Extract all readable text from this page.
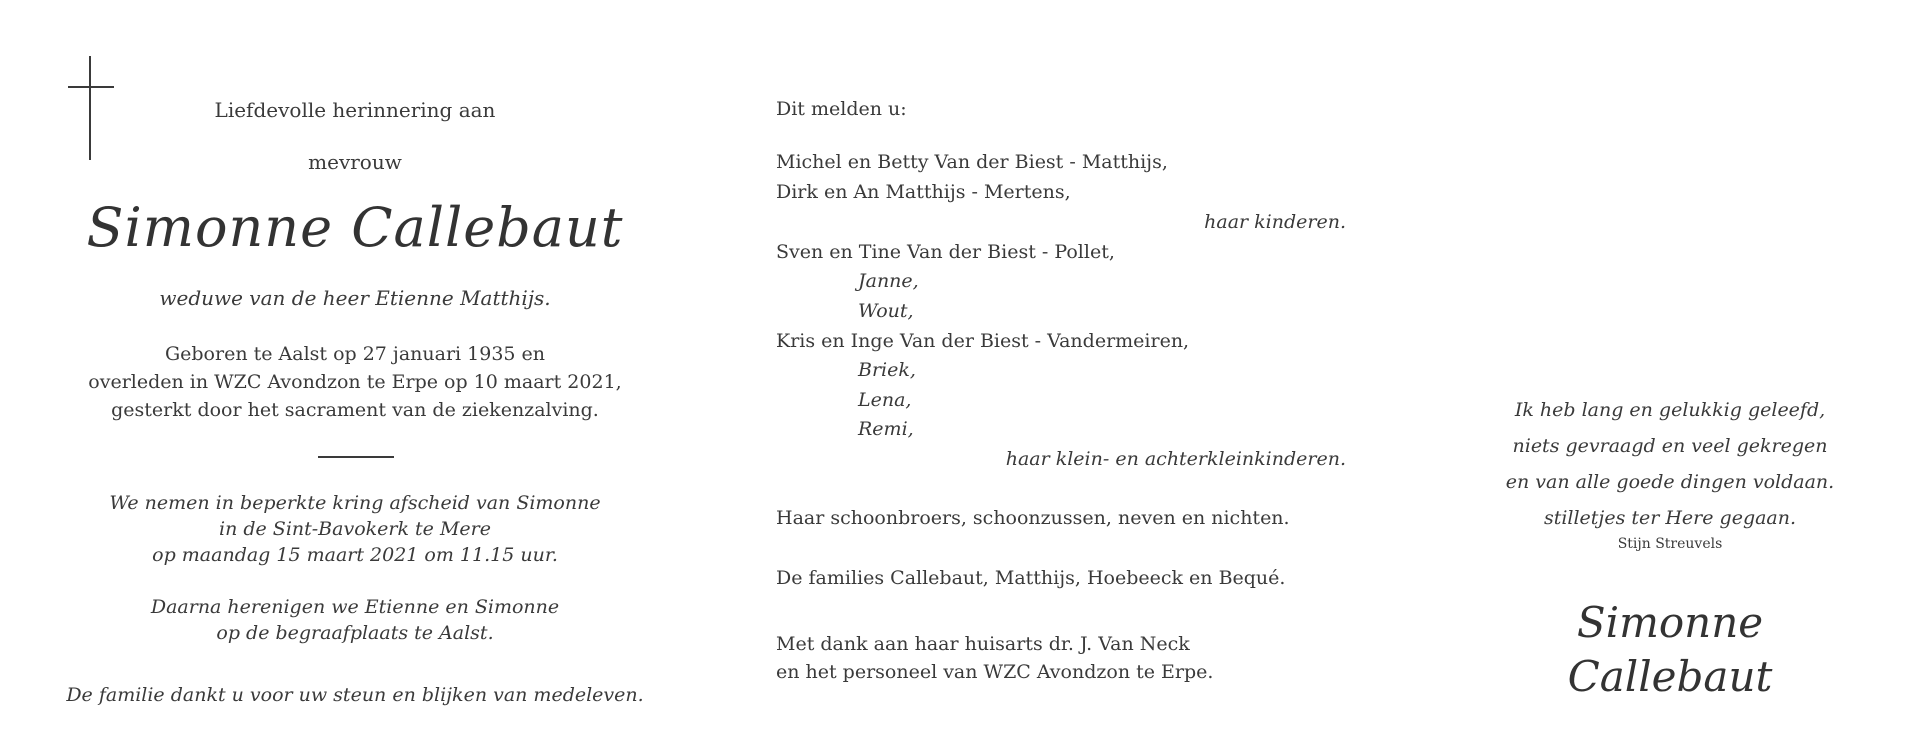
Liefdevolle herinnering aan
mevrouw
Simonne Callebaut
weduwe van de heer Etienne Matthijs.
Geboren te Aalst op 27 januari 1935 en
overleden in WZC Avondzon te Erpe op 10 maart 2021,
gesterkt door het sacrament van de ziekenzalving.
We nemen in beperkte kring afscheid van Simonne
in de Sint-Bavokerk te Mere
op maandag 15 maart 2021 om 11.15 uur.
Daarna herenigen we Etienne en Simonne
op de begraafplaats te Aalst.
De familie dankt u voor uw steun en blijken van medeleven.
Dit melden u:
Michel en Betty Van der Biest - Matthijs,
Dirk en An Matthijs - Mertens,
haar kinderen.
Sven en Tine Van der Biest - Pollet,
Janne,
Wout,
Kris en Inge Van der Biest - Vandermeiren,
Briek,
Lena,
Remi,
haar klein- en achterkleinkinderen.
Haar schoonbroers, schoonzussen, neven en nichten.
De families Callebaut, Matthijs, Hoebeeck en Bequé.
Met dank aan haar huisarts dr. J. Van Neck
en het personeel van WZC Avondzon te Erpe.
Ik heb lang en gelukkig geleefd,
niets gevraagd en veel gekregen
en van alle goede dingen voldaan.
stilletjes ter Here gegaan.
Stijn Streuvels
Simonne
Callebaut
